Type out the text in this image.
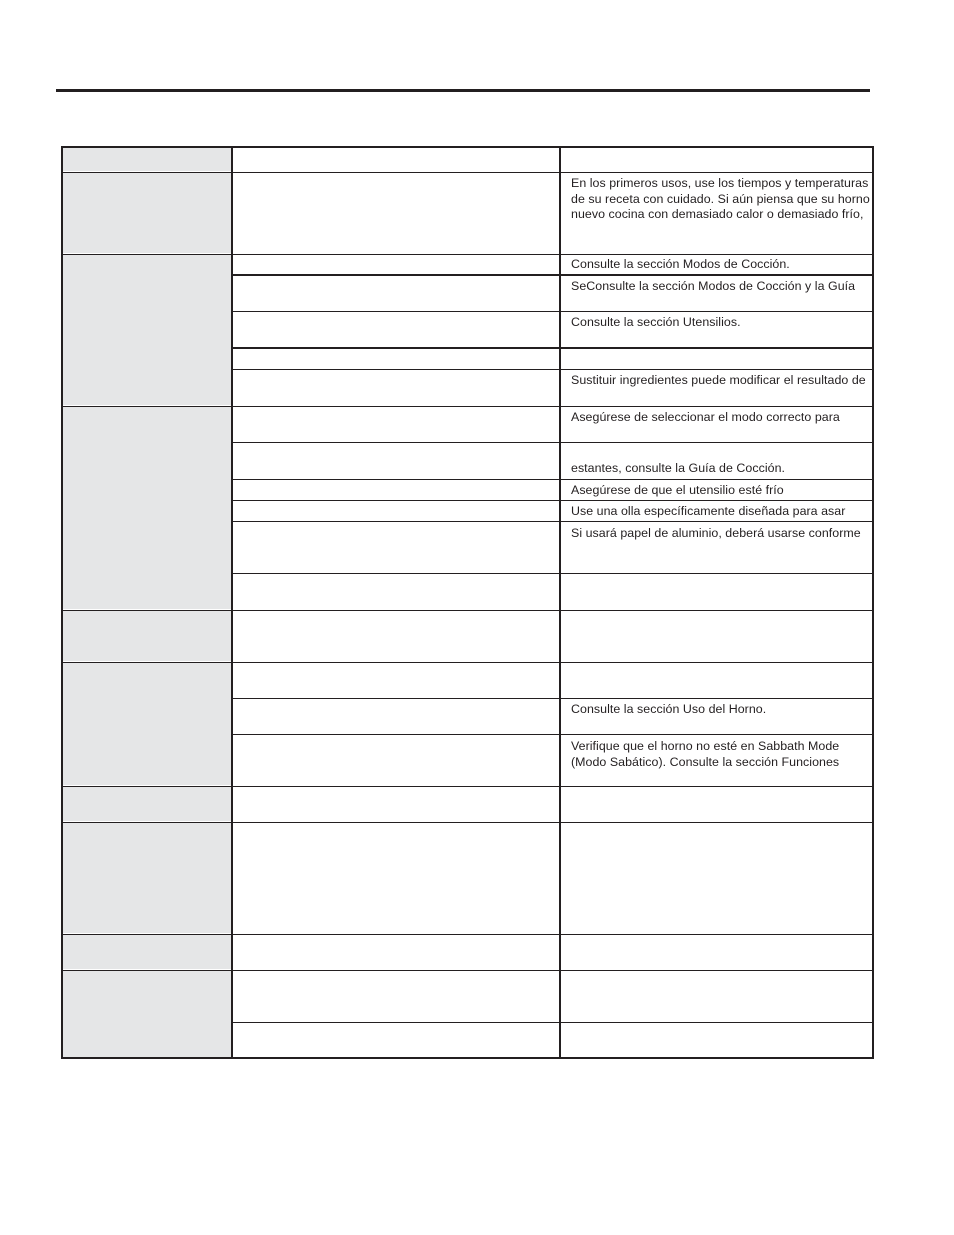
En los primeros usos, use los tiempos y temperaturas
de su receta con cuidado. Si aún piensa que su horno
nuevo cocina con demasiado calor o demasiado frío,
Consulte la sección Modos de Cocción.
SeConsulte la sección Modos de Cocción y la Guía
Consulte la sección Utensilios.
Sustituir ingredientes puede modificar el resultado de
Asegúrese de seleccionar el modo correcto para
estantes, consulte la Guía de Cocción.
Asegúrese de que el utensilio esté frío
Use una olla específicamente diseñada para asar
Si usará papel de aluminio, deberá usarse conforme
Consulte la sección Uso del Horno.
Verifique que el horno no esté en Sabbath Mode
(Modo Sabático). Consulte la sección Funciones
